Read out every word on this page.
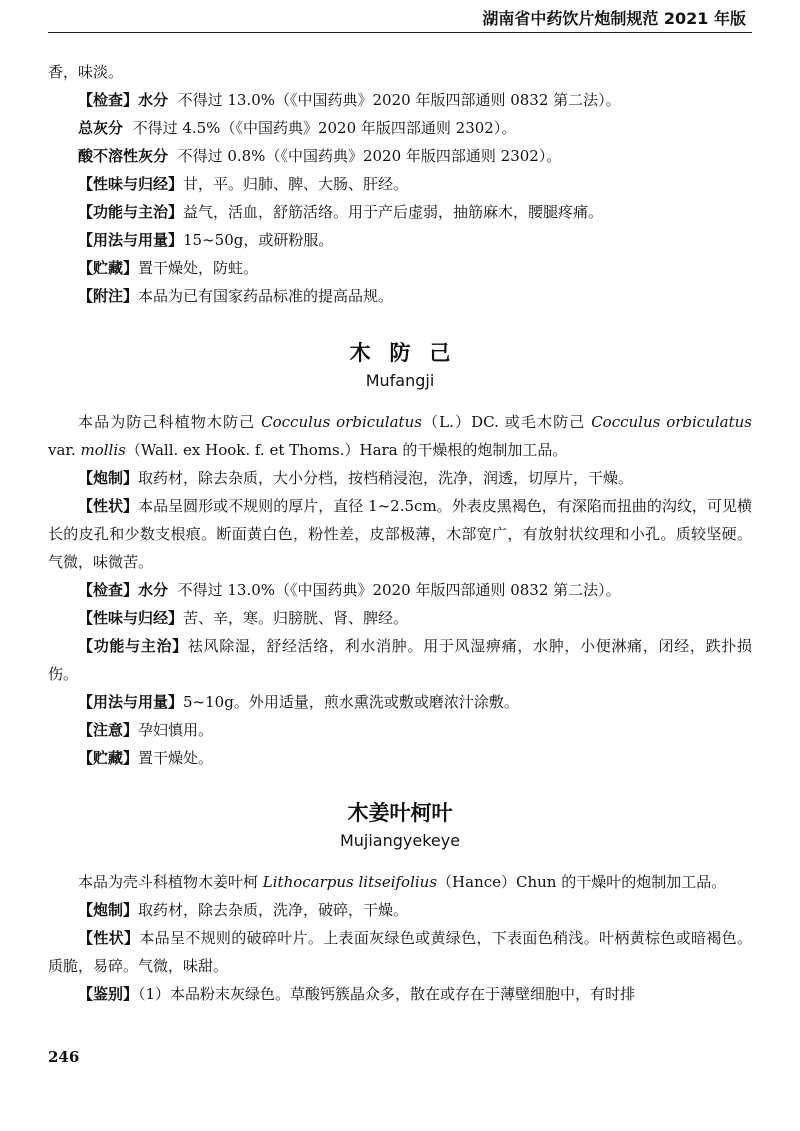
湖南省中药饮片炮制规范 2021 年版

香，味淡。

【检查】水分 不得过 13.0%（《中国药典》2020 年版四部通则 0832 第二法）。

总灰分 不得过 4.5%（《中国药典》2020 年版四部通则 2302）。

酸不溶性灰分 不得过 0.8%（《中国药典》2020 年版四部通则 2302）。

【性味与归经】甘，平。归肺、脾、大肠、肝经。

【功能与主治】益气，活血，舒筋活络。用于产后虚弱，抽筋麻木，腰腿疼痛。

【用法与用量】15~50g，或研粉服。

【贮藏】置干燥处，防蛀。

【附注】本品为已有国家药品标准的提高品规。

木防己

Mufangji

本品为防己科植物木防己 Cocculus orbiculatus（L.）DC. 或毛木防己 Cocculus orbiculatus var. mollis（Wall. ex Hook. f. et Thoms.）Hara 的干燥根的炮制加工品。

【炮制】取药材，除去杂质，大小分档，按档稍浸泡，洗净，润透，切厚片，干燥。

【性状】本品呈圆形或不规则的厚片，直径 1~2.5cm。外表皮黑褐色，有深陷而扭曲的沟纹，可见横长的皮孔和少数支根痕。断面黄白色，粉性差，皮部极薄，木部宽广，有放射状纹理和小孔。质较坚硬。气微，味微苦。

【检查】水分 不得过 13.0%（《中国药典》2020 年版四部通则 0832 第二法）。

【性味与归经】苦、辛，寒。归膀胱、肾、脾经。

【功能与主治】祛风除湿，舒经活络，利水消肿。用于风湿痹痛，水肿，小便淋痛，闭经，跌扑损伤。

【用法与用量】5~10g。外用适量，煎水熏洗或敷或磨浓汁涂敷。

【注意】孕妇慎用。

【贮藏】置干燥处。

木姜叶柯叶

Mujiangyekeye

本品为壳斗科植物木姜叶柯 Lithocarpus litseifolius（Hance）Chun 的干燥叶的炮制加工品。

【炮制】取药材，除去杂质，洗净，破碎，干燥。

【性状】本品呈不规则的破碎叶片。上表面灰绿色或黄绿色，下表面色稍浅。叶柄黄棕色或暗褐色。质脆，易碎。气微，味甜。

【鉴别】（1）本品粉末灰绿色。草酸钙簇晶众多，散在或存在于薄壁细胞中，有时排

246
